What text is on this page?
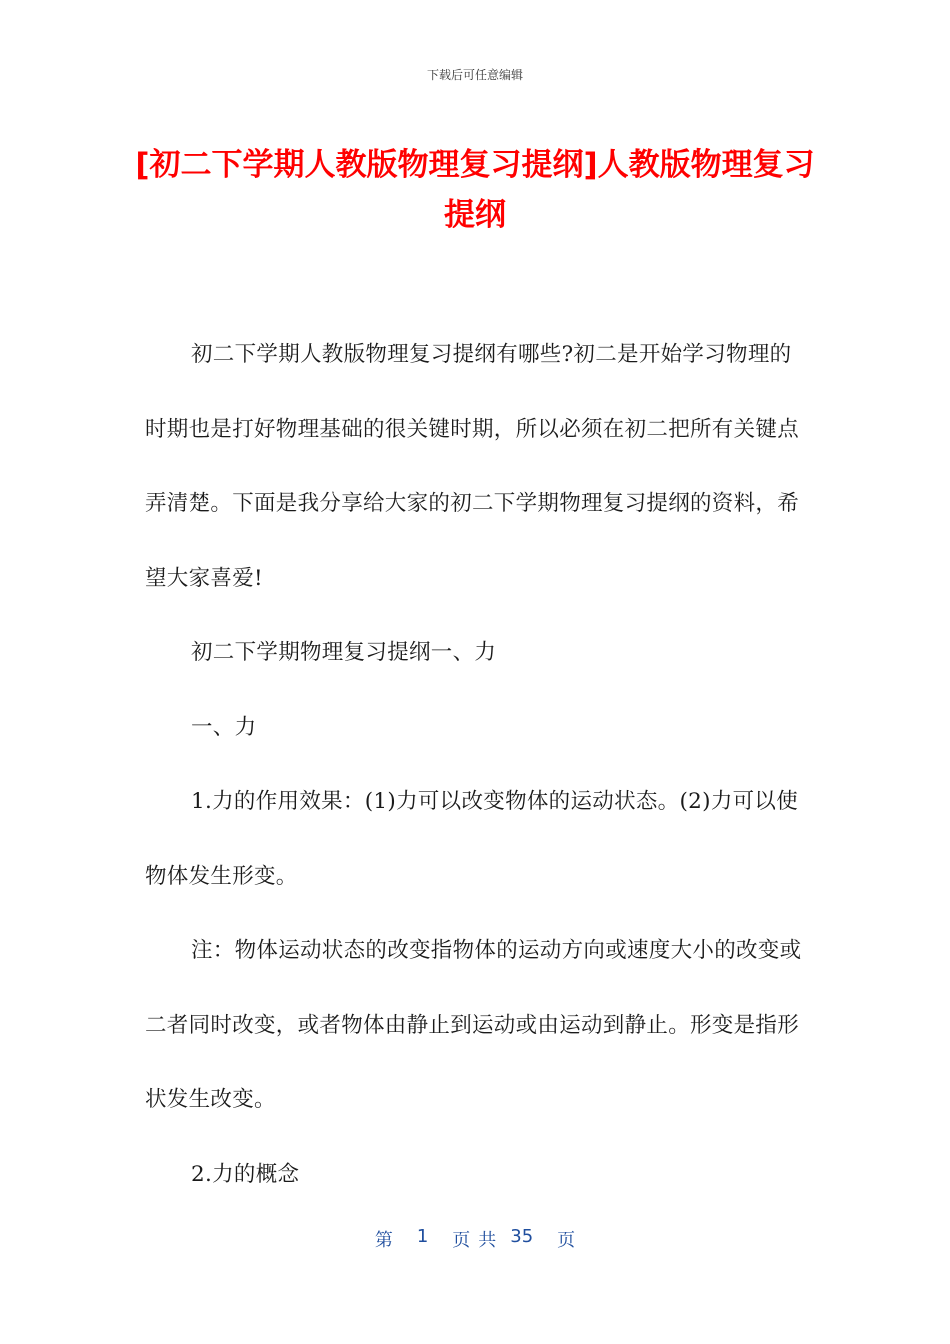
下载后可任意编辑
[初二下学期人教版物理复习提纲]人教版物理复习提纲

初二下学期人教版物理复习提纲有哪些?初二是开始学习物理的时期也是打好物理基础的很关键时期，所以必须在初二把所有关键点弄清楚。下面是我分享给大家的初二下学期物理复习提纲的资料，希望大家喜爱!

初二下学期物理复习提纲一、力

一、力

1.力的作用效果：(1)力可以改变物体的运动状态。(2)力可以使物体发生形变。

注：物体运动状态的改变指物体的运动方向或速度大小的改变或二者同时改变，或者物体由静止到运动或由运动到静止。形变是指形状发生改变。

2.力的概念

第 1 页 共 35 页
